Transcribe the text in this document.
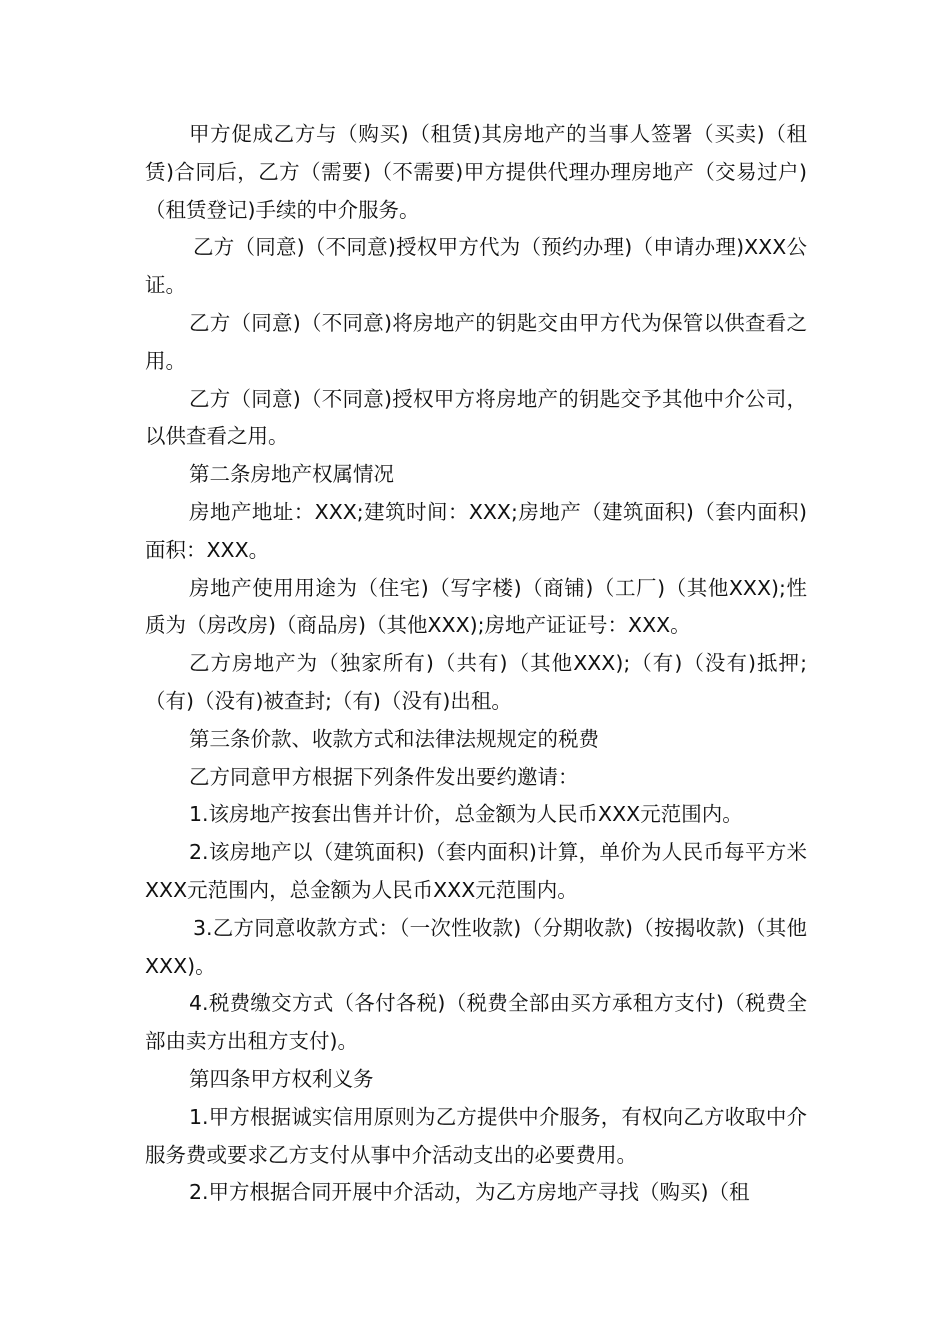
甲方促成乙方与（购买)（租赁)其房地产的当事人签署（买卖)（租赁)合同后，乙方（需要)（不需要)甲方提供代理办理房地产（交易过户)（租赁登记)手续的中介服务。

乙方（同意)（不同意)授权甲方代为（预约办理)（申请办理)XXX公证。

乙方（同意)（不同意)将房地产的钥匙交由甲方代为保管以供查看之用。

乙方（同意)（不同意)授权甲方将房地产的钥匙交予其他中介公司，以供查看之用。

第二条房地产权属情况

房地产地址：XXX;建筑时间：XXX;房地产（建筑面积)（套内面积)面积：XXX。

房地产使用用途为（住宅)（写字楼)（商铺)（工厂)（其他XXX);性质为（房改房)（商品房)（其他XXX);房地产证证号：XXX。

乙方房地产为（独家所有)（共有)（其他XXX);（有)（没有)抵押;（有)（没有)被查封;（有)（没有)出租。

第三条价款、收款方式和法律法规规定的税费

乙方同意甲方根据下列条件发出要约邀请：

1.该房地产按套出售并计价，总金额为人民币XXX元范围内。

2.该房地产以（建筑面积)（套内面积)计算，单价为人民币每平方米XXX元范围内，总金额为人民币XXX元范围内。

3.乙方同意收款方式：（一次性收款)（分期收款)（按揭收款)（其他XXX)。

4.税费缴交方式（各付各税)（税费全部由买方承租方支付)（税费全部由卖方出租方支付)。

第四条甲方权利义务

1.甲方根据诚实信用原则为乙方提供中介服务，有权向乙方收取中介服务费或要求乙方支付从事中介活动支出的必要费用。

2.甲方根据合同开展中介活动，为乙方房地产寻找（购买)（租
